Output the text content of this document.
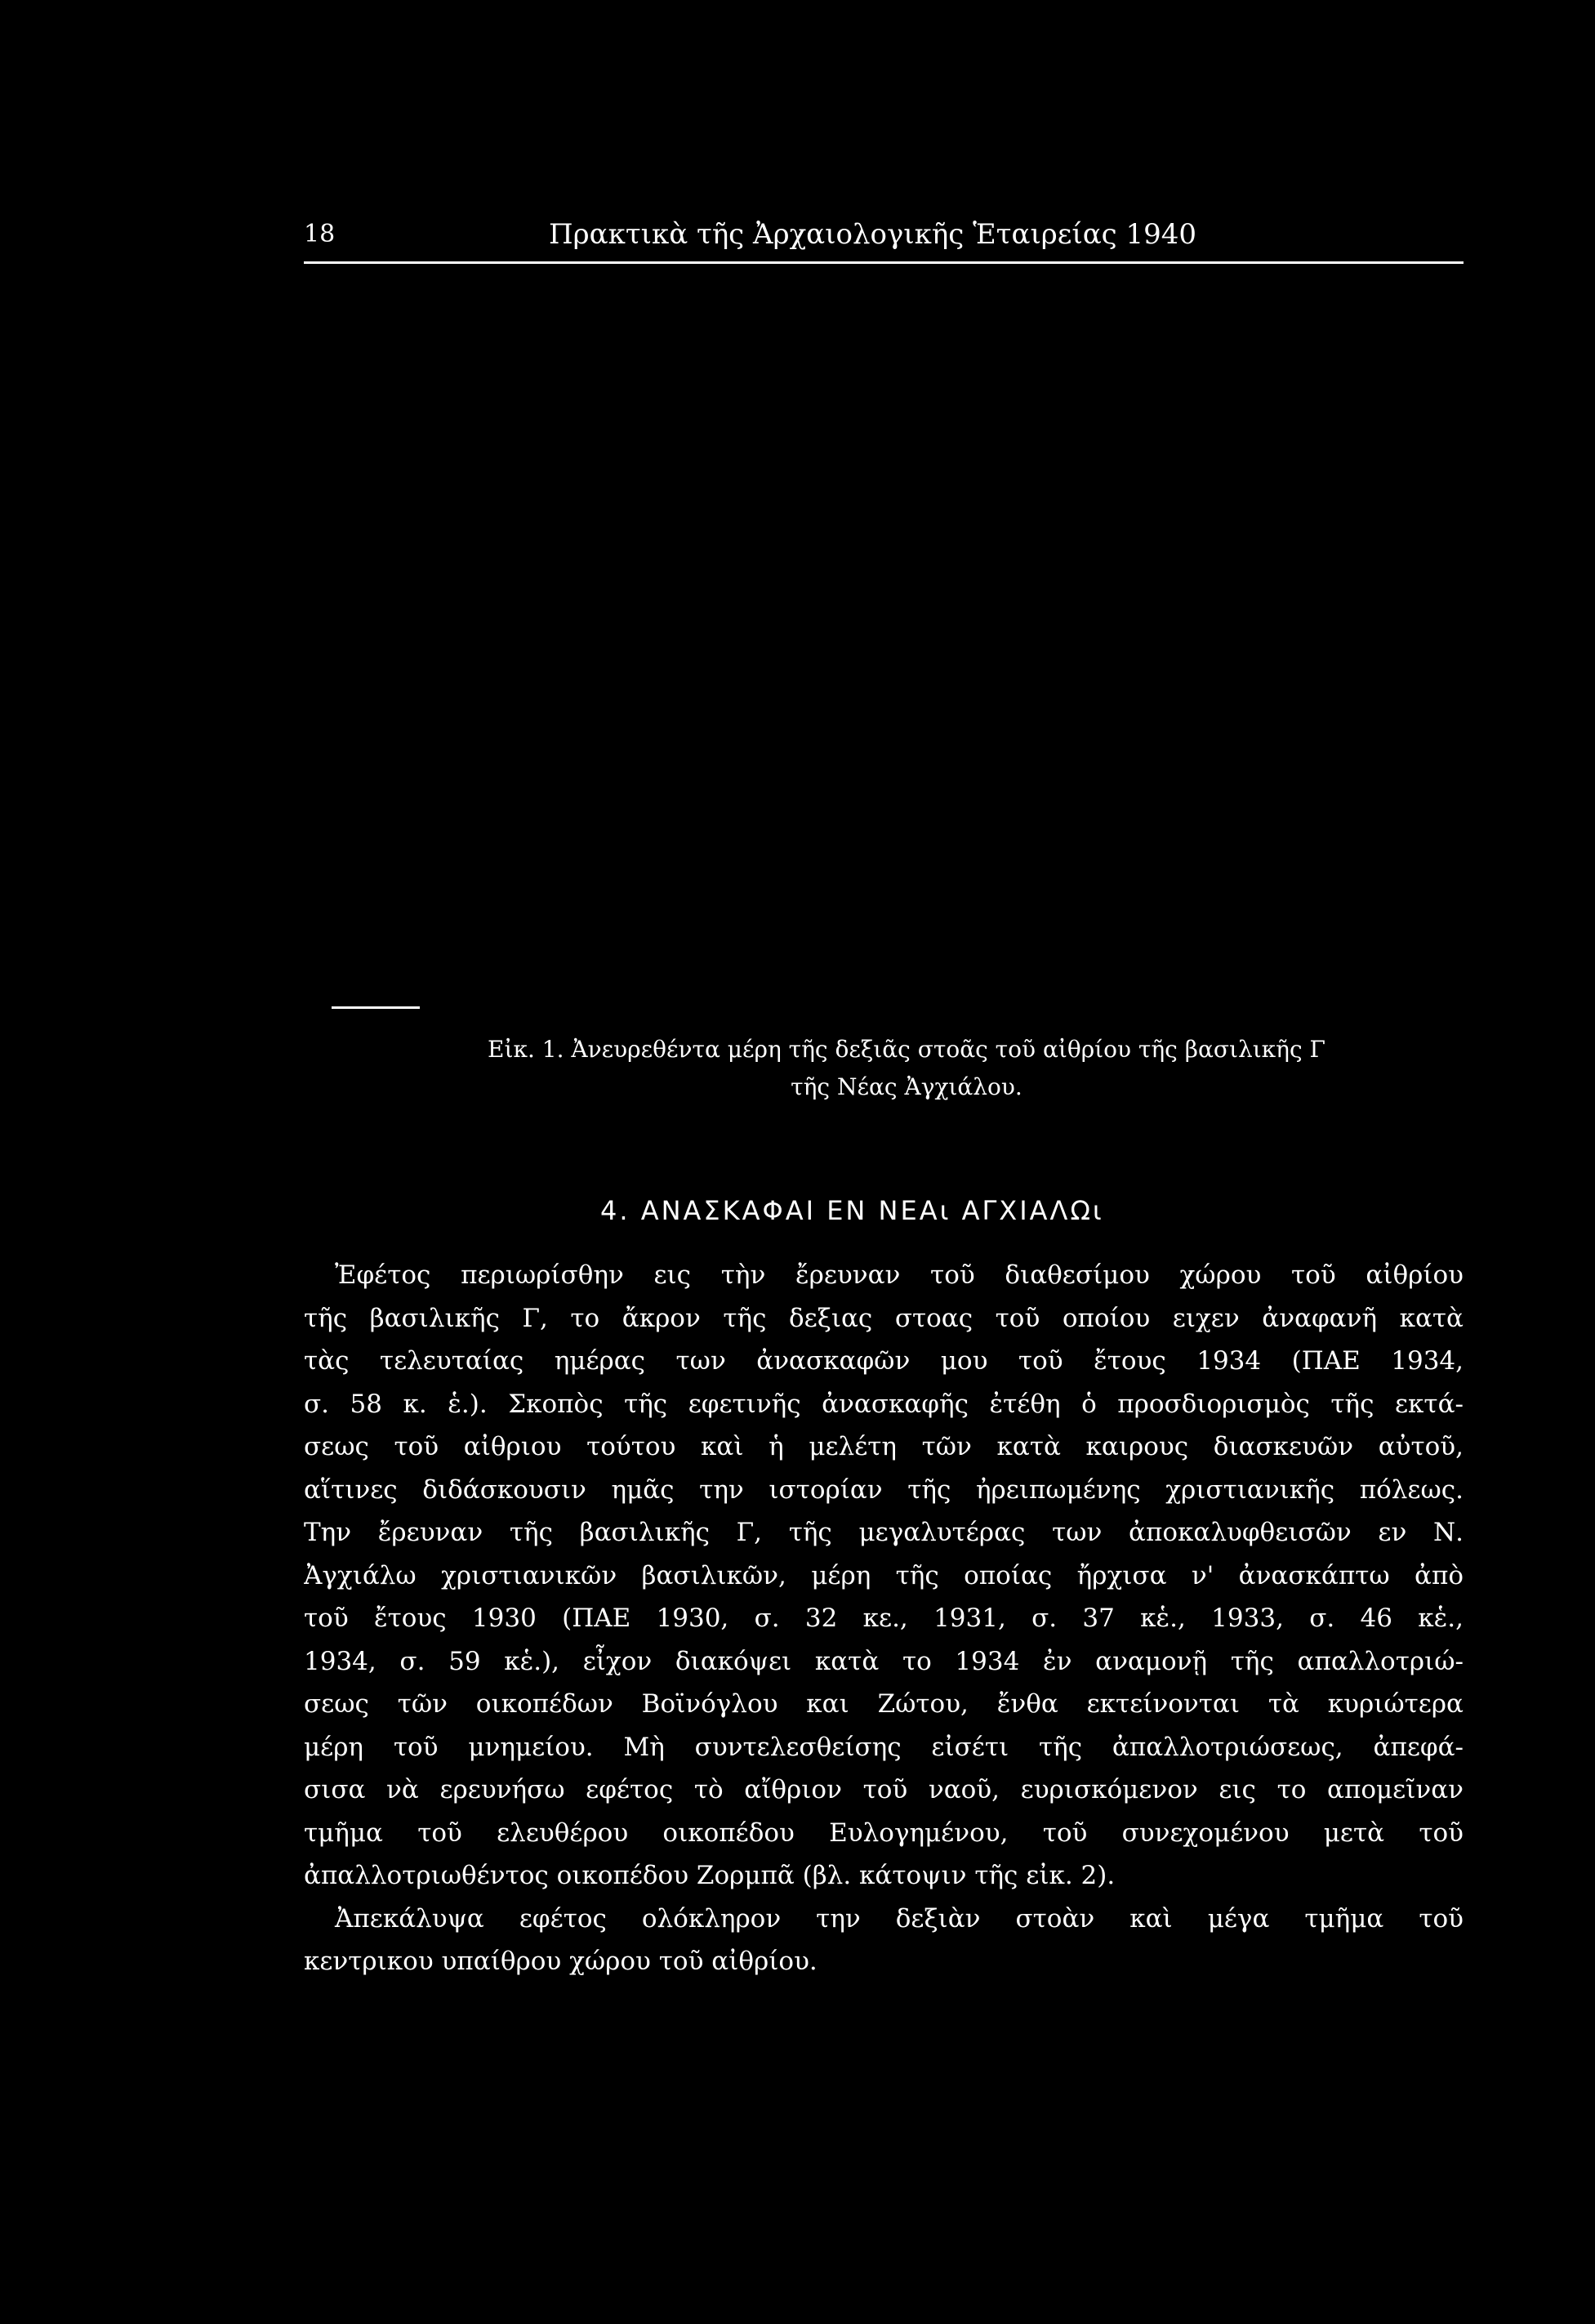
18	Πρακτικὰ τῆς Ἀρχαιολογικῆς Ἑταιρείας 1940
Εἰκ. 1. Ἀνευρεθέντα μέρη τῆς δεξιᾶς στοᾶς τοῦ αἰθρίου τῆς βασιλικῆς Γ
τῆς Νέας Ἀγχιάλου.
4. ΑΝΑΣΚΑΦΑΙ ΕΝ ΝΕΑι ΑΓΧΙΑΛΩι
Ἐφέτος περιωρίσθην εις τὴν ἔρευναν τοῦ διαθεσίμου χώρου τοῦ αἰθρίου
τῆς βασιλικῆς Γ, το ἄκρον τῆς δεξιας στοας τοῦ οποίου ειχεν ἀναφανῆ κατὰ
τὰς τελευταίας ημέρας των ἀνασκαφῶν μου τοῦ ἔτους 1934 (ΠΑΕ 1934,
σ. 58 κ. ἑ.). Σκοπὸς τῆς εφετινῆς ἀνασκαφῆς ἐτέθη ὁ προσδιορισμὸς τῆς εκτά-
σεως τοῦ αἰθριου τούτου καὶ ἡ μελέτη τῶν κατὰ καιρους διασκευῶν αὐτοῦ,
αἵτινες διδάσκουσιν ημᾶς την ιστορίαν τῆς ἠρειπωμένης χριστιανικῆς πόλεως.
Την ἔρευναν τῆς βασιλικῆς Γ, τῆς μεγαλυτέρας των ἀποκαλυφθεισῶν εν Ν.
Ἀγχιάλω χριστιανικῶν βασιλικῶν, μέρη τῆς οποίας ἤρχισα ν' ἀνασκάπτω ἀπὸ
τοῦ ἔτους 1930 (ΠΑΕ 1930, σ. 32 κε., 1931, σ. 37 κἑ., 1933, σ. 46 κἑ.,
1934, σ. 59 κἑ.), εἶχον διακόψει κατὰ το 1934 ἐν αναμονῇ τῆς απαλλοτριώ-
σεως τῶν οικοπέδων Βοϊνόγλου και Ζώτου, ἔνθα εκτείνονται τὰ κυριώτερα
μέρη τοῦ μνημείου. Μὴ συντελεσθείσης εἰσέτι τῆς ἀπαλλοτριώσεως, ἀπεφά-
σισα νὰ ερευνήσω εφέτος τὸ αἴθριον τοῦ ναοῦ, ευρισκόμενον εις το απομεῖναν
τμῆμα τοῦ ελευθέρου οικοπέδου Ευλογημένου, τοῦ συνεχομένου μετὰ τοῦ
ἀπαλλοτριωθέντος οικοπέδου Ζορμπᾶ (βλ. κάτοψιν τῆς εἰκ. 2).
Ἀπεκάλυψα εφέτος ολόκληρον την δεξιὰν στοὰν καὶ μέγα τμῆμα τοῦ
κεντρικου υπαίθρου χώρου τοῦ αἰθρίου.
